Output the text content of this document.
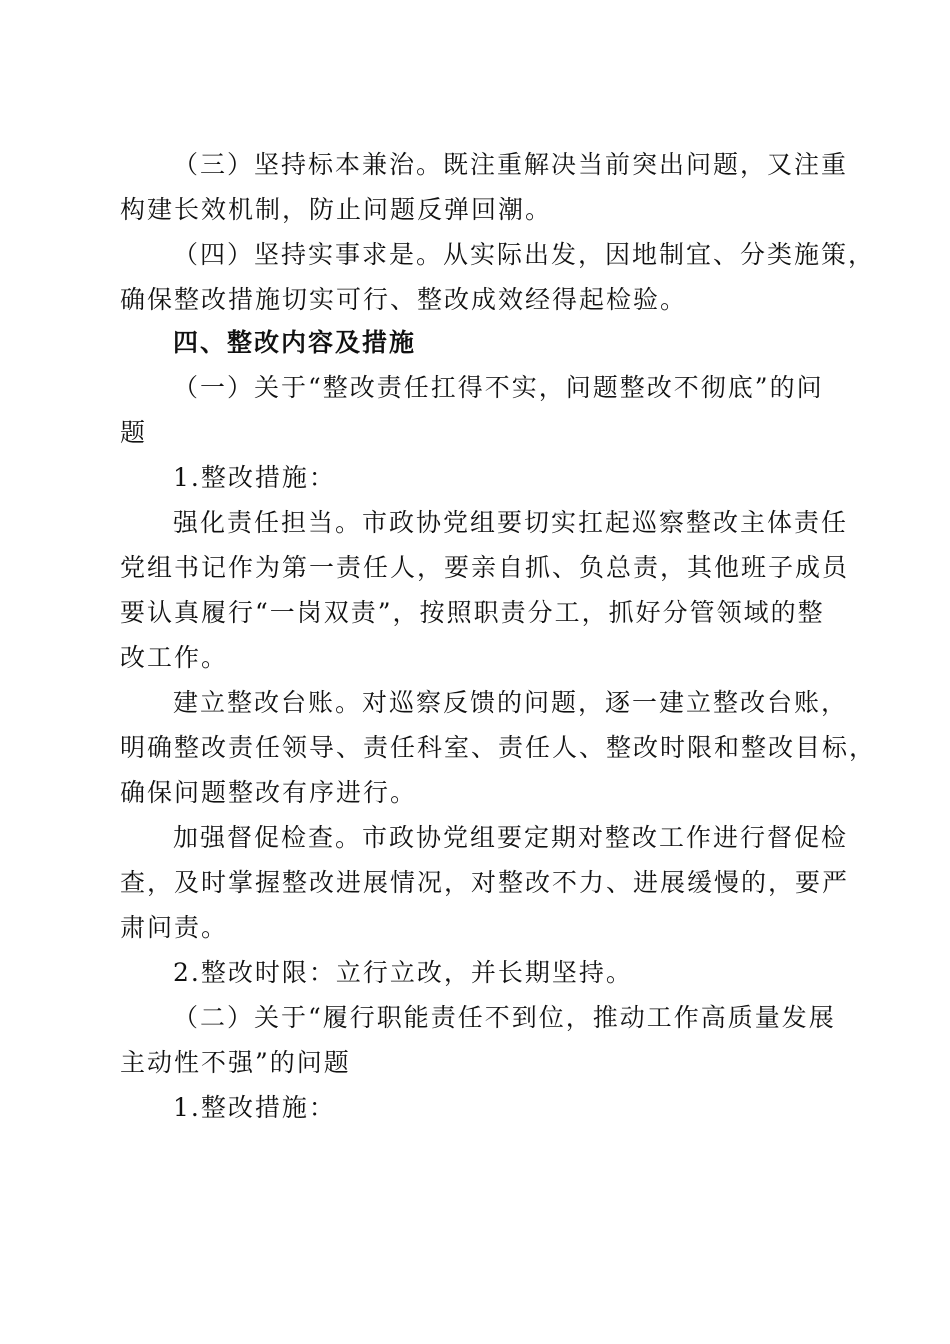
（三）坚持标本兼治。既注重解决当前突出问题，又注重
构建长效机制，防止问题反弹回潮。
（四）坚持实事求是。从实际出发，因地制宜、分类施策，
确保整改措施切实可行、整改成效经得起检验。
四、整改内容及措施
（一）关于“整改责任扛得不实，问题整改不彻底”的问
题
1.整改措施：
强化责任担当。市政协党组要切实扛起巡察整改主体责任
党组书记作为第一责任人，要亲自抓、负总责，其他班子成员
要认真履行“一岗双责”，按照职责分工，抓好分管领域的整
改工作。
建立整改台账。对巡察反馈的问题，逐一建立整改台账，
明确整改责任领导、责任科室、责任人、整改时限和整改目标，
确保问题整改有序进行。
加强督促检查。市政协党组要定期对整改工作进行督促检
查，及时掌握整改进展情况，对整改不力、进展缓慢的，要严
肃问责。
2.整改时限：立行立改，并长期坚持。
（二）关于“履行职能责任不到位，推动工作高质量发展
主动性不强”的问题
1.整改措施：
